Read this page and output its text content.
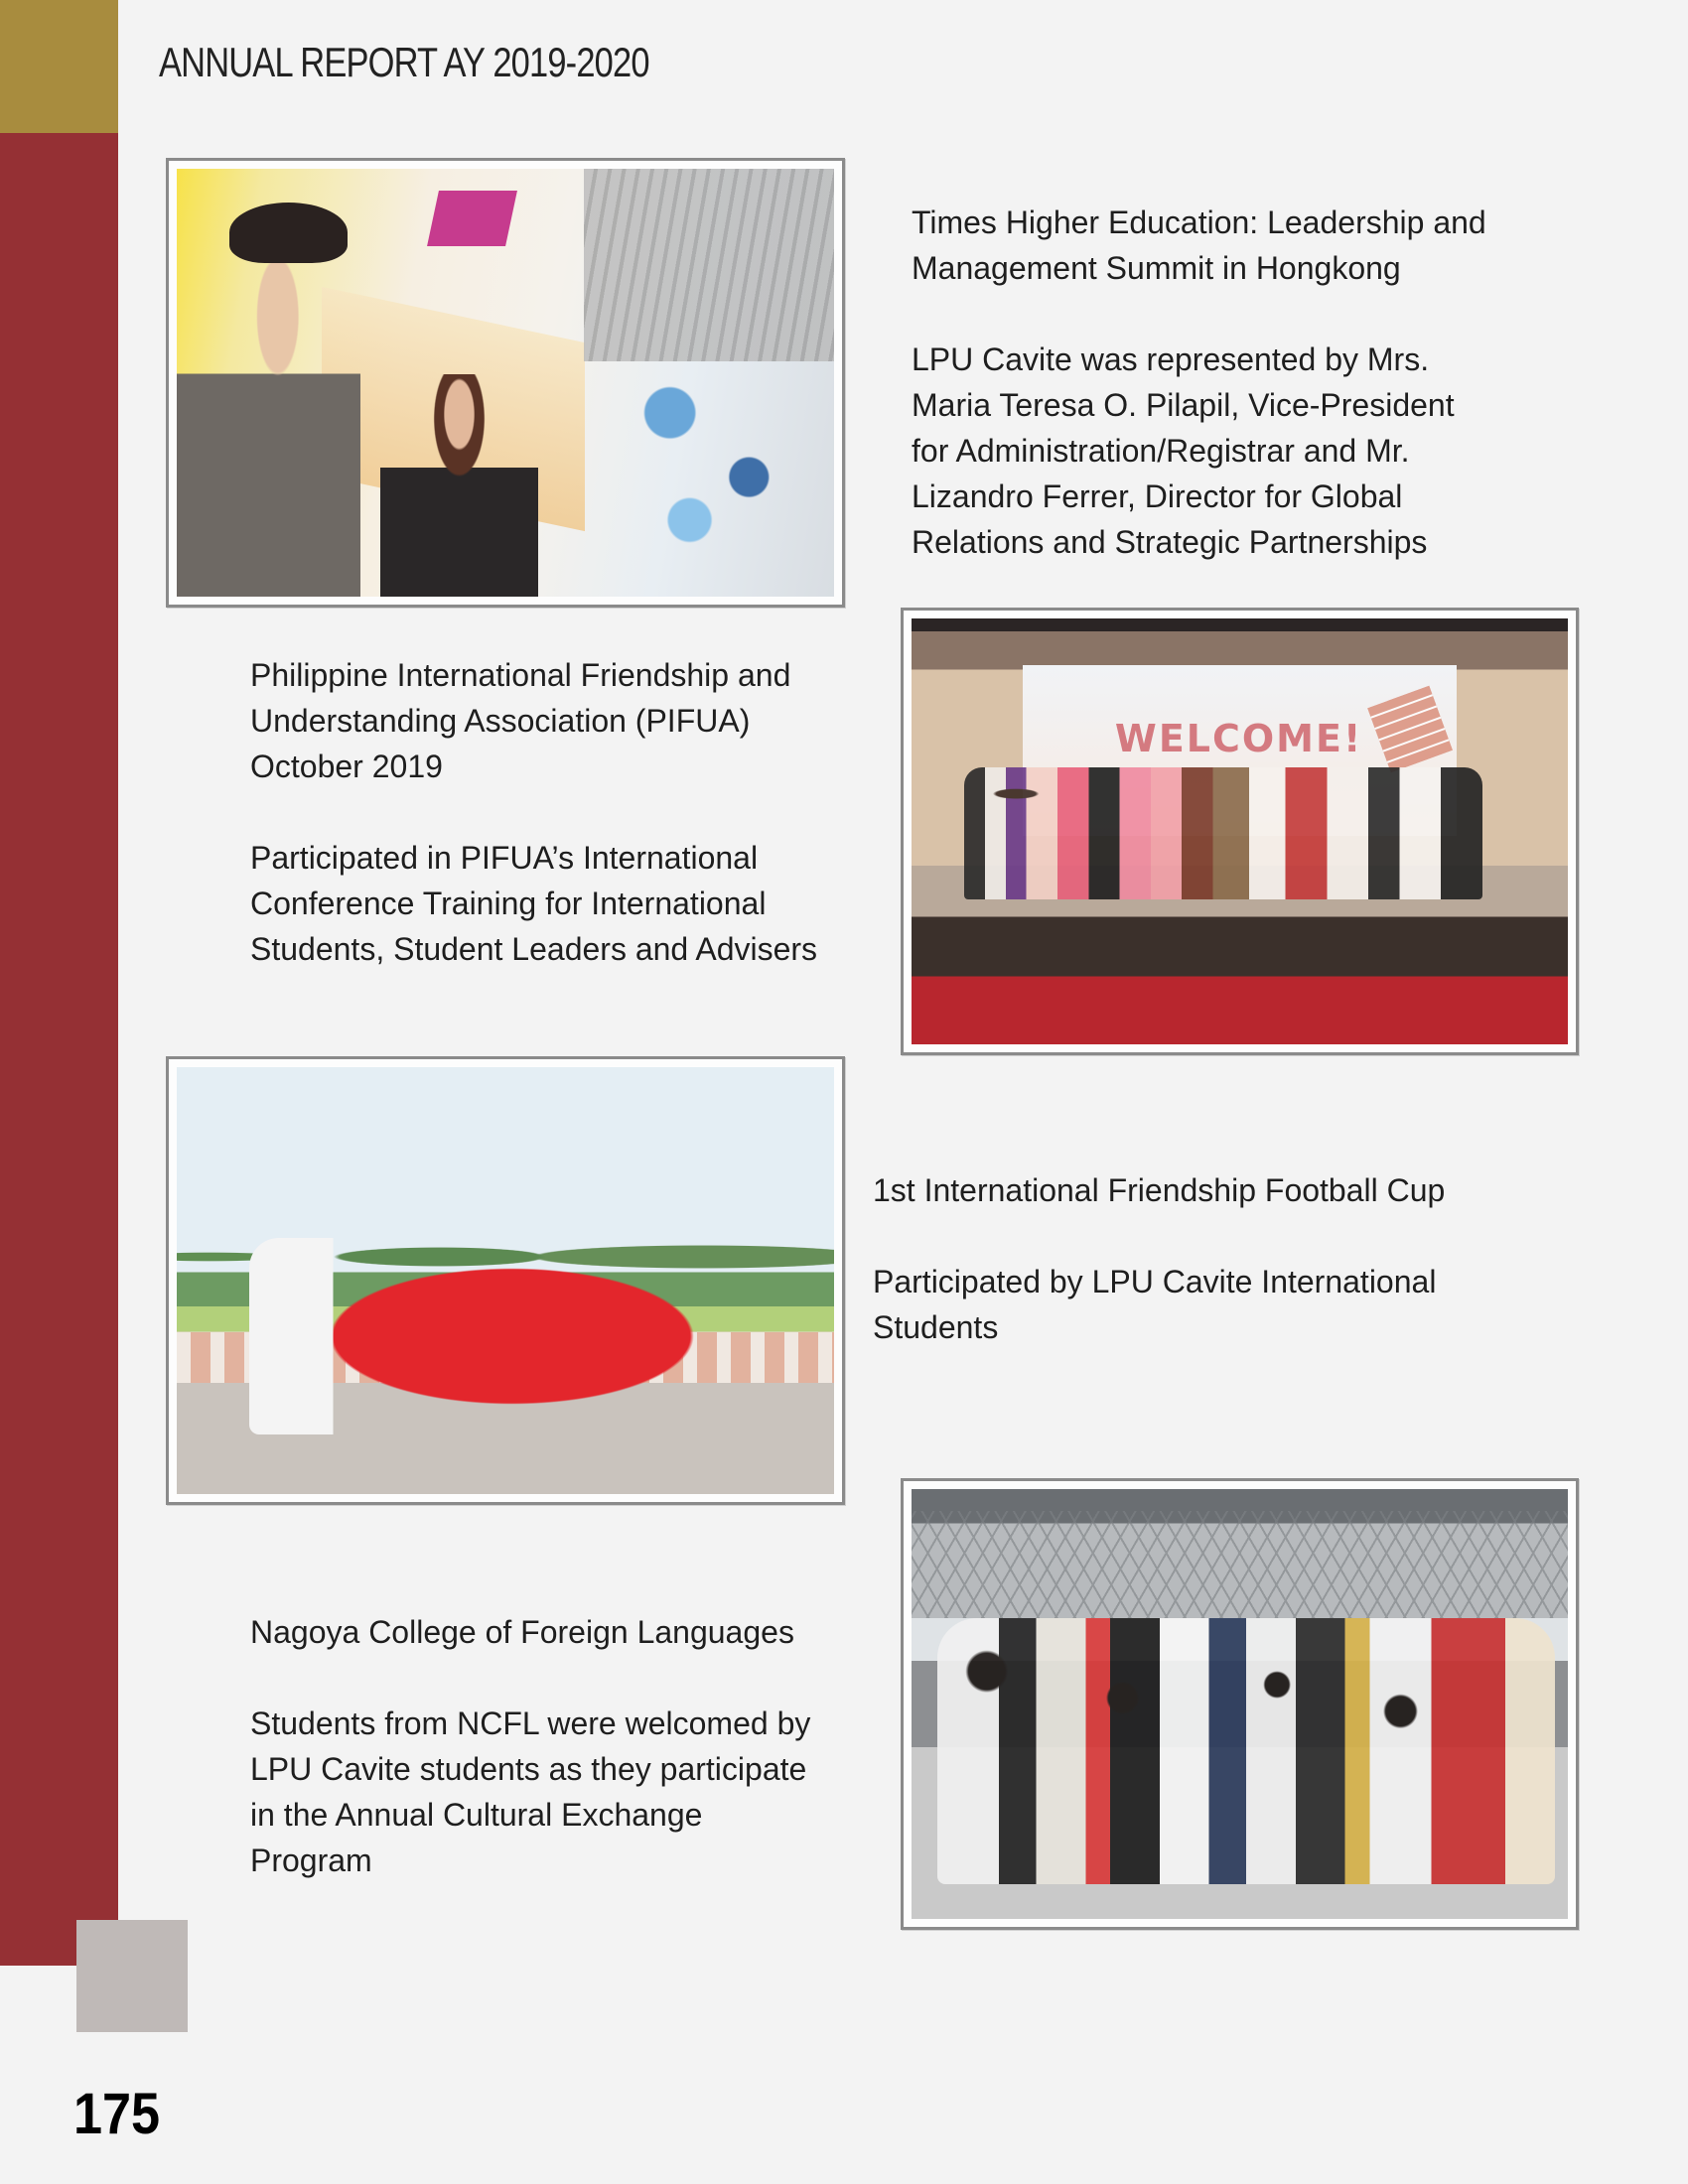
ANNUAL REPORT AY 2019-2020

Times Higher Education: Leadership and

Management Summit in Hongkong

LPU Cavite was represented by Mrs.

Maria Teresa O. Pilapil, Vice-President

for Administration/Registrar and Mr.

Lizandro Ferrer, Director for Global

Relations and Strategic Partnerships

Philippine International Friendship and

Understanding Association (PIFUA)

October 2019

Participated in PIFUA’s International

Conference Training for International

Students, Student Leaders and Advisers

WELCOME!

1st International Friendship Football Cup

Participated by LPU Cavite International

Students

Nagoya College of Foreign Languages

Students from NCFL were welcomed by

LPU Cavite students as they participate

in the Annual Cultural Exchange

Program

175
